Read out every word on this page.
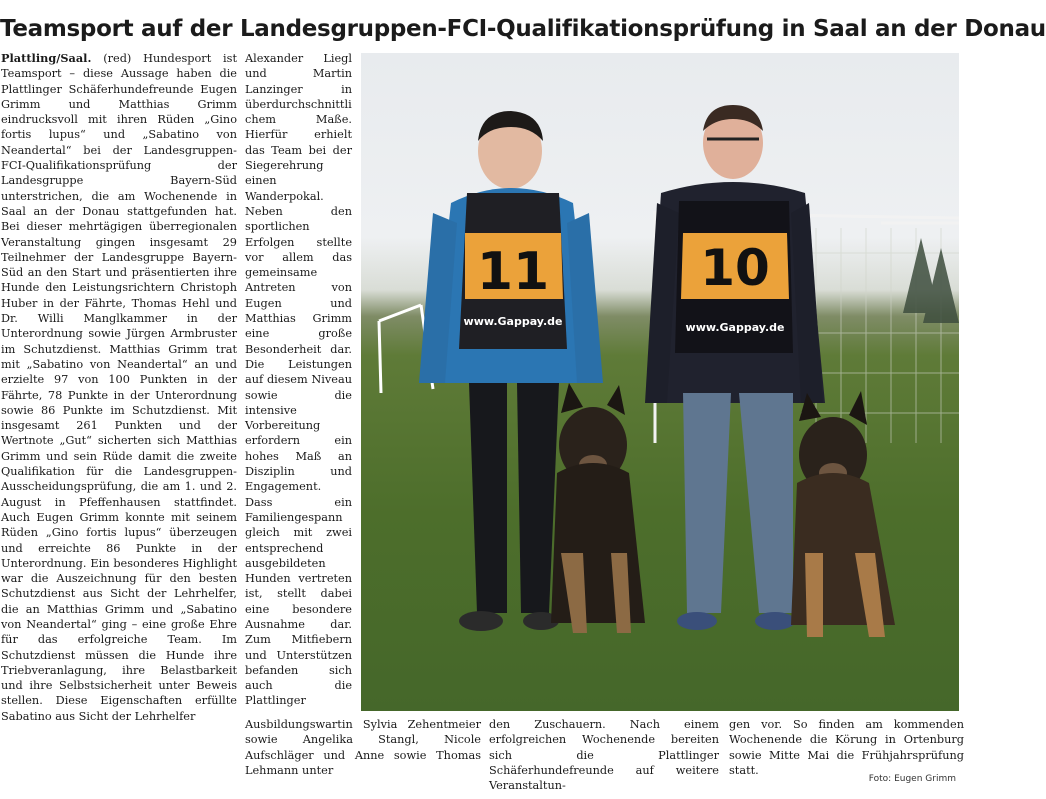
Teamsport auf der Landesgruppen-FCI-Qualifikationsprüfung in Saal an der Donau
Plattling/Saal. (red) Hundesport ist Teamsport – diese Aussage haben die Plattlinger Schäferhundefreunde Eugen Grimm und Matthias Grimm eindrucksvoll mit ihren Rüden „Gino fortis lupus“ und „Sabatino von Neandertal“ bei der Landesgruppen-FCI-Qualifikationsprüfung der Landesgruppe Bayern-Süd unterstrichen, die am Wochenende in Saal an der Donau stattgefunden hat. Bei dieser mehrtägigen überregionalen Veranstaltung gingen insgesamt 29 Teilnehmer der Landesgruppe Bayern-Süd an den Start und präsentierten ihre Hunde den Leistungsrichtern Christoph Huber in der Fährte, Thomas Hehl und Dr. Willi Manglkammer in der Unterordnung sowie Jürgen Armbruster im Schutzdienst. Matthias Grimm trat mit „Sabatino von Neandertal“ an und erzielte 97 von 100 Punkten in der Fährte, 78 Punkte in der Unterordnung sowie 86 Punkte im Schutzdienst. Mit insgesamt 261 Punkten und der Wertnote „Gut“ sicherten sich Matthias Grimm und sein Rüde damit die zweite Qualifikation für die Landesgruppen-Ausscheidungsprüfung, die am 1. und 2. August in Pfeffenhausen stattfindet. Auch Eugen Grimm konnte mit seinem Rüden „Gino fortis lupus“ überzeugen und erreichte 86 Punkte in der Unterordnung. Ein besonderes Highlight war die Auszeichnung für den besten Schutzdienst aus Sicht der Lehrhelfer, die an Matthias Grimm und „Sabatino von Neandertal“ ging – eine große Ehre für das erfolgreiche Team. Im Schutzdienst müssen die Hunde ihre Triebveranlagung, ihre Belastbarkeit und ihre Selbstsicherheit unter Beweis stellen. Diese Eigenschaften erfüllte Sabatino aus Sicht der Lehrhelfer
Alexander Liegl und Martin Lanzinger in überdurchschnittlichem Maße. Hierfür erhielt das Team bei der Siegerehrung einen Wanderpokal. Neben den sportlichen Erfolgen stellte vor allem das gemeinsame Antreten von Eugen und Matthias Grimm eine große Besonderheit dar. Die Leistungen auf diesem Niveau sowie die intensive Vorbereitung erfordern ein hohes Maß an Disziplin und Engagement. Dass ein Familiengespann gleich mit zwei entsprechend ausgebildeten Hunden vertreten ist, stellt dabei eine besondere Ausnahme dar. Zum Mitfiebern und Unterstützen befanden sich auch die Plattlinger
11
www.Gappay.de
10
www.Gappay.de
Ausbildungswartin Sylvia Zehentmeier sowie Angelika Stangl, Nicole Aufschläger und Anne sowie Thomas Lehmann unter
den Zuschauern. Nach einem erfolgreichen Wochenende bereiten sich die Plattlinger Schäferhundefreunde auf weitere Veranstaltun-
gen vor. So finden am kommenden Wochenende die Körung in Ortenburg sowie Mitte Mai die Frühjahrsprüfung statt.
Foto: Eugen Grimm
